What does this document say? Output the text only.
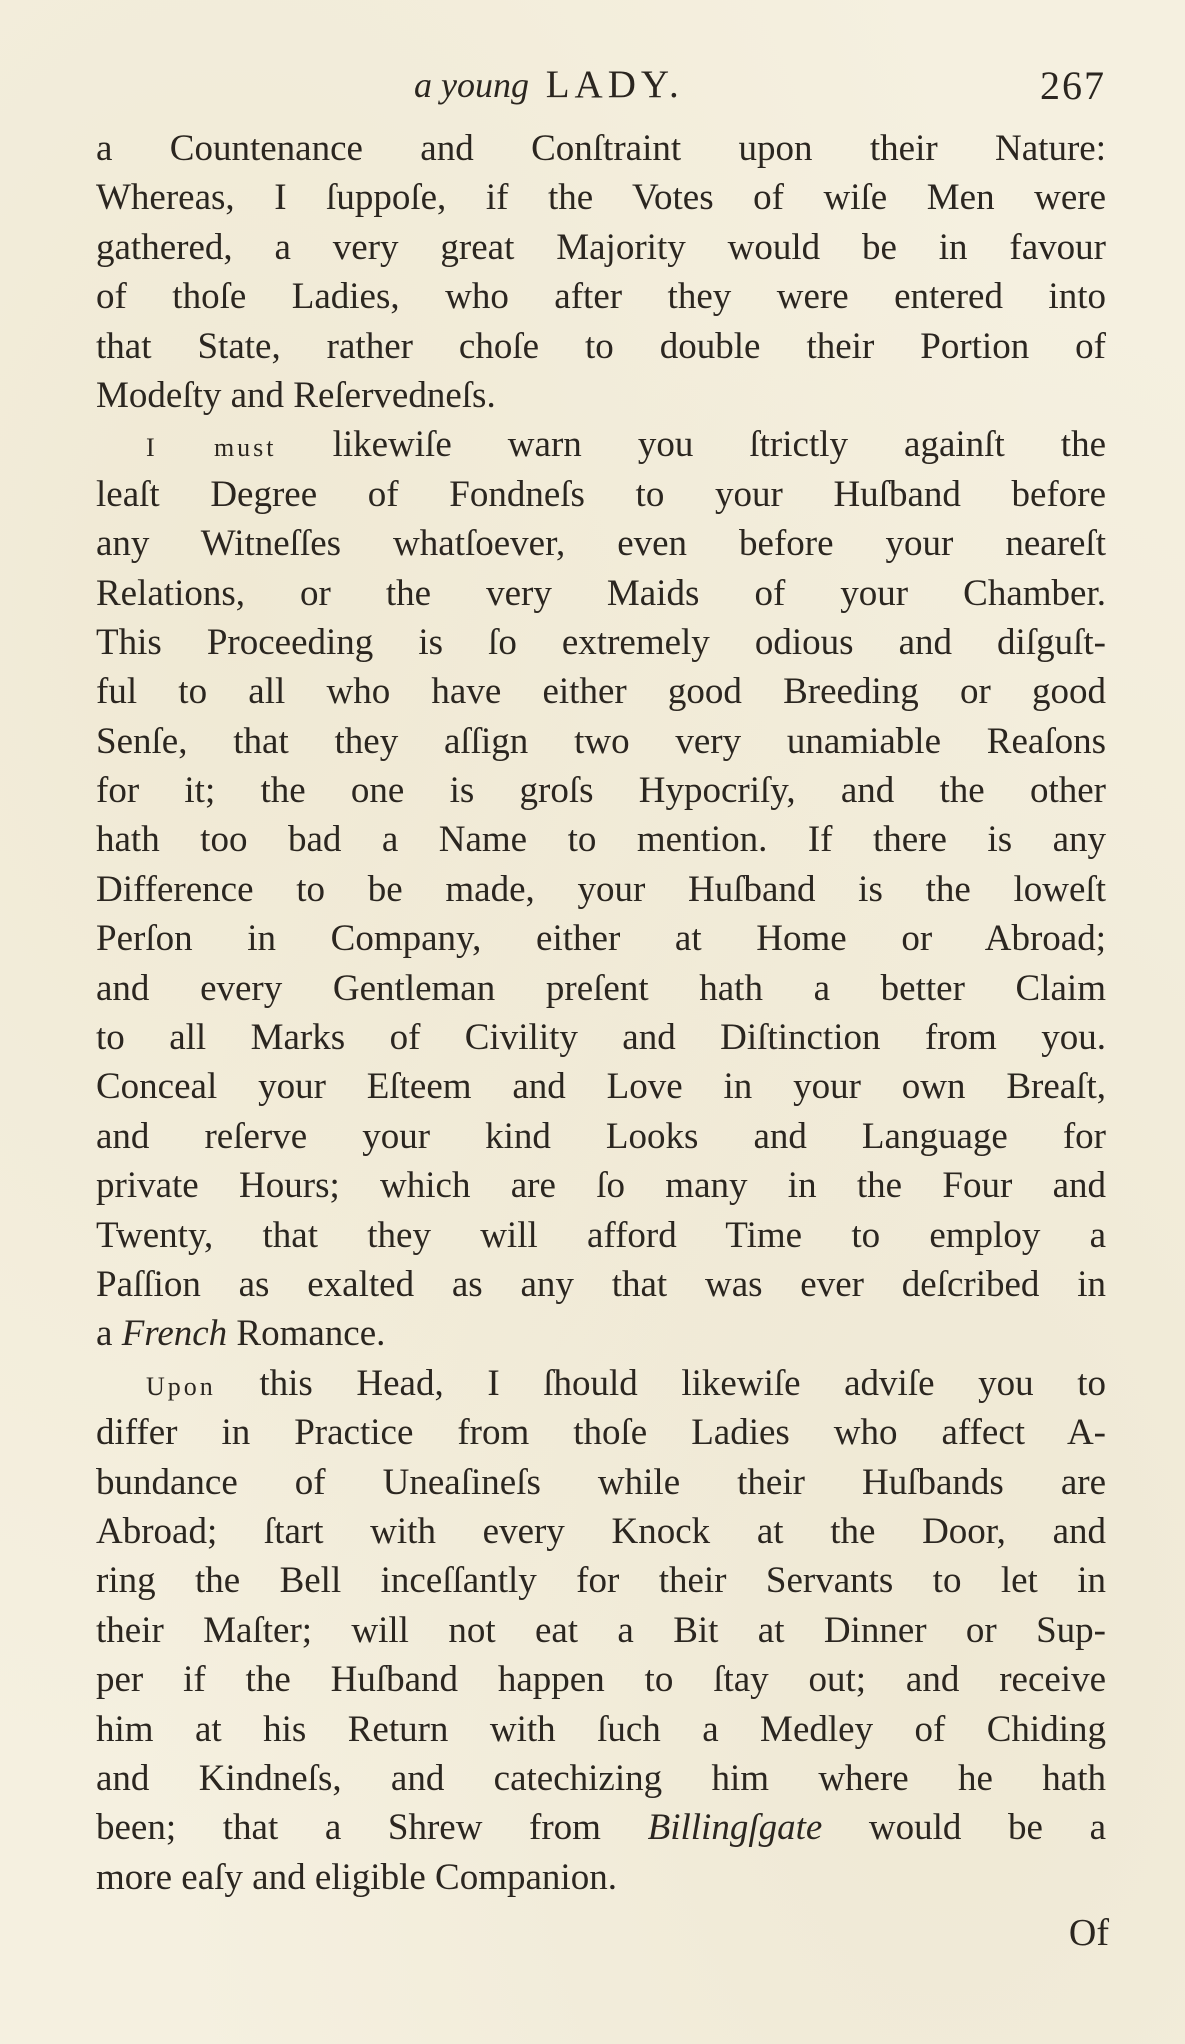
a young LADY.	267
a Countenance and Conſtraint upon their Nature:
Whereas, I ſuppoſe, if the Votes of wiſe Men were
gathered, a very great Majority would be in favour
of thoſe Ladies, who after they were entered into
that State, rather choſe to double their Portion of
Modeſty and Reſervedneſs.
I must likewiſe warn you ſtrictly againſt the
leaſt Degree of Fondneſs to your Huſband before
any Witneſſes whatſoever, even before your neareſt
Relations, or the very Maids of your Chamber.
This Proceeding is ſo extremely odious and diſguſt-
ful to all who have either good Breeding or good
Senſe, that they aſſign two very unamiable Reaſons
for it; the one is groſs Hypocriſy, and the other
hath too bad a Name to mention. If there is any
Difference to be made, your Huſband is the loweſt
Perſon in Company, either at Home or Abroad;
and every Gentleman preſent hath a better Claim
to all Marks of Civility and Diſtinction from you.
Conceal your Eſteem and Love in your own Breaſt,
and reſerve your kind Looks and Language for
private Hours; which are ſo many in the Four and
Twenty, that they will afford Time to employ a
Paſſion as exalted as any that was ever deſcribed in
a French Romance.
Upon this Head, I ſhould likewiſe adviſe you to
differ in Practice from thoſe Ladies who affect A-
bundance of Uneaſineſs while their Huſbands are
Abroad; ſtart with every Knock at the Door, and
ring the Bell inceſſantly for their Servants to let in
their Maſter; will not eat a Bit at Dinner or Sup-
per if the Huſband happen to ſtay out; and receive
him at his Return with ſuch a Medley of Chiding
and Kindneſs, and catechizing him where he hath
been; that a Shrew from Billingſgate would be a
more eaſy and eligible Companion.
Of
